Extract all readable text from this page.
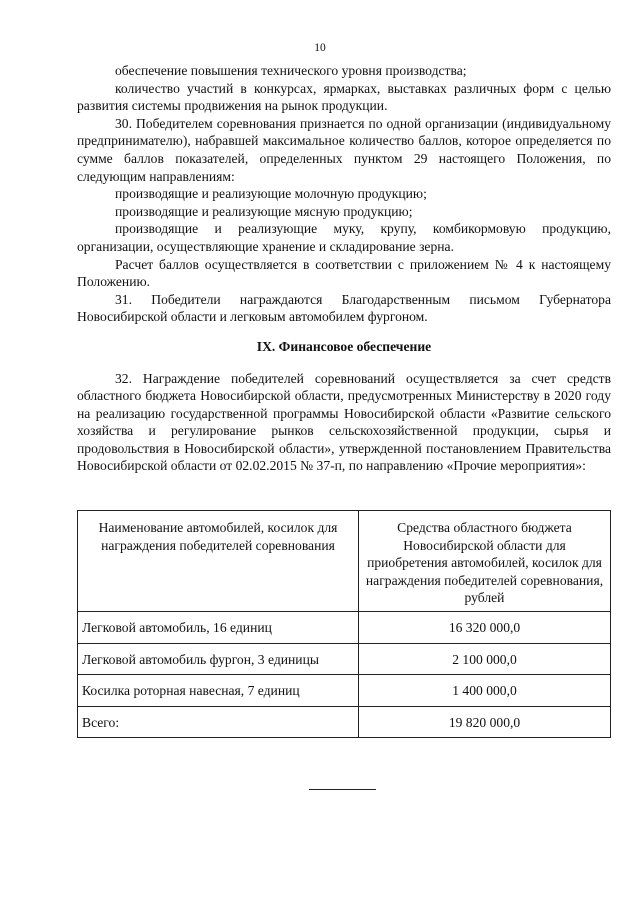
10

обеспечение повышения технического уровня производства;

количество участий в конкурсах, ярмарках, выставках различных форм с целью развития системы продвижения на рынок продукции.

30. Победителем соревнования признается по одной организации (индивидуальному предпринимателю), набравшей максимальное количество баллов, которое определяется по сумме баллов показателей, определенных пунктом 29 настоящего Положения, по следующим направлениям:

производящие и реализующие молочную продукцию;

производящие и реализующие мясную продукцию;

производящие и реализующие муку, крупу, комбикормовую продукцию, организации, осуществляющие хранение и складирование зерна.

Расчет баллов осуществляется в соответствии с приложением № 4 к настоящему Положению.

31. Победители награждаются Благодарственным письмом Губернатора Новосибирской области и легковым автомобилем фургоном.

IX. Финансовое обеспечение

32. Награждение победителей соревнований осуществляется за счет средств областного бюджета Новосибирской области, предусмотренных Министерству в 2020 году на реализацию государственной программы Новосибирской области «Развитие сельского хозяйства и регулирование рынков сельскохозяйственной продукции, сырья и продовольствия в Новосибирской области», утвержденной постановлением Правительства Новосибирской области от 02.02.2015 № 37-п, по направлению «Прочие мероприятия»:

Наименование автомобилей, косилок для награждения победителей соревнования	Средства областного бюджета Новосибирской области для приобретения автомобилей, косилок для награждения победителей соревнования, рублей
Легковой автомобиль, 16 единиц	16 320 000,0
Легковой автомобиль фургон, 3 единицы	2 100 000,0
Косилка роторная навесная, 7 единиц	1 400 000,0
Всего:	19 820 000,0
